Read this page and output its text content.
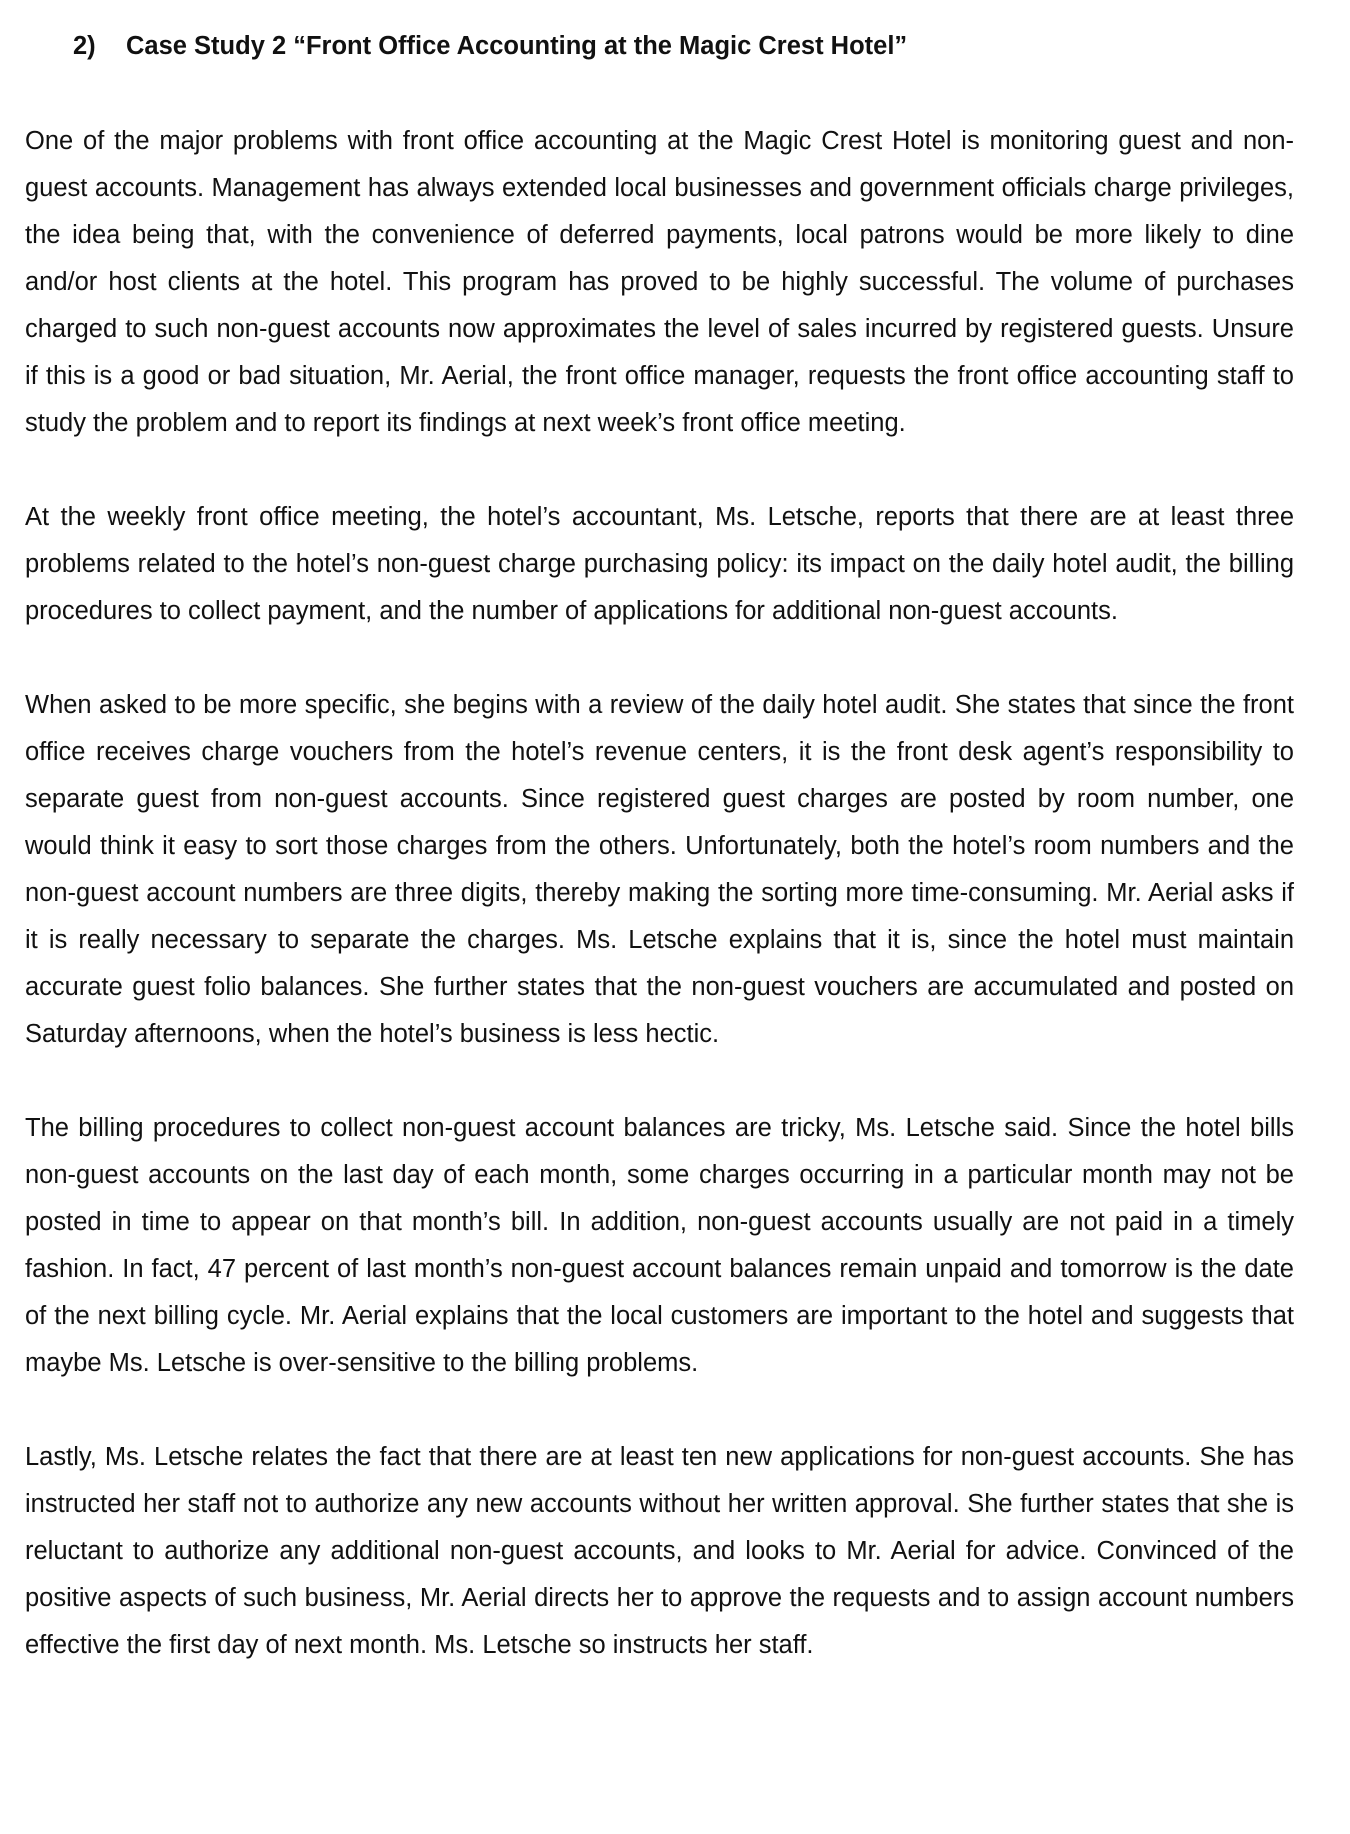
2)	Case Study 2 “Front Office Accounting at the Magic Crest Hotel”

One of the major problems with front office accounting at the Magic Crest Hotel is monitoring guest and non-guest accounts. Management has always extended local businesses and government officials charge privileges, the idea being that, with the convenience of deferred payments, local patrons would be more likely to dine and/or host clients at the hotel. This program has proved to be highly successful. The volume of purchases charged to such non-guest accounts now approximates the level of sales incurred by registered guests. Unsure if this is a good or bad situation, Mr. Aerial, the front office manager, requests the front office accounting staff to study the problem and to report its findings at next week’s front office meeting.

At the weekly front office meeting, the hotel’s accountant, Ms. Letsche, reports that there are at least three problems related to the hotel’s non-guest charge purchasing policy: its impact on the daily hotel audit, the billing procedures to collect payment, and the number of applications for additional non-guest accounts.

When asked to be more specific, she begins with a review of the daily hotel audit. She states that since the front office receives charge vouchers from the hotel’s revenue centers, it is the front desk agent’s responsibility to separate guest from non-guest accounts. Since registered guest charges are posted by room number, one would think it easy to sort those charges from the others. Unfortunately, both the hotel’s room numbers and the non-guest account numbers are three digits, thereby making the sorting more time-consuming. Mr. Aerial asks if it is really necessary to separate the charges. Ms. Letsche explains that it is, since the hotel must maintain accurate guest folio balances. She further states that the non-guest vouchers are accumulated and posted on Saturday afternoons, when the hotel’s business is less hectic.

The billing procedures to collect non-guest account balances are tricky, Ms. Letsche said. Since the hotel bills non-guest accounts on the last day of each month, some charges occurring in a particular month may not be posted in time to appear on that month’s bill. In addition, non-guest accounts usually are not paid in a timely fashion. In fact, 47 percent of last month’s non-guest account balances remain unpaid and tomorrow is the date of the next billing cycle. Mr. Aerial explains that the local customers are important to the hotel and suggests that maybe Ms. Letsche is over-sensitive to the billing problems.

Lastly, Ms. Letsche relates the fact that there are at least ten new applications for non-guest accounts. She has instructed her staff not to authorize any new accounts without her written approval. She further states that she is reluctant to authorize any additional non-guest accounts, and looks to Mr. Aerial for advice. Convinced of the positive aspects of such business, Mr. Aerial directs her to approve the requests and to assign account numbers effective the first day of next month. Ms. Letsche so instructs her staff.
